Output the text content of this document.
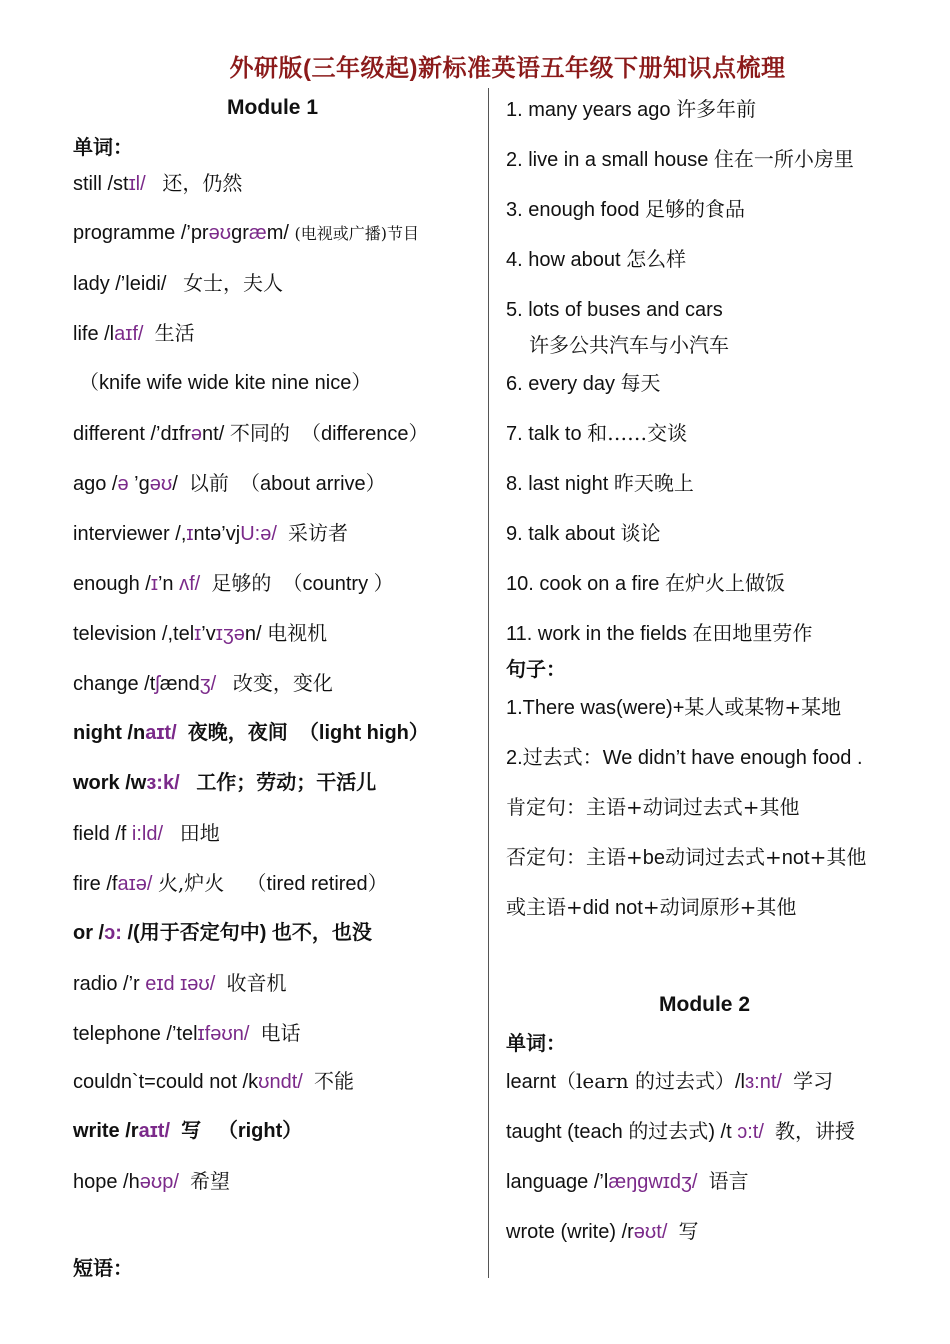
外研版(三年级起)新标准英语五年级下册知识点梳理
Module 1
单词：
still /stɪl/ 还，仍然
programme /’prəʊgræm/ (电视或广播)节目
lady /’leidi/ 女士，夫人
life /laɪf/ 生活
（knife wife wide kite nine nice）
different /’dɪfrənt/ 不同的 （difference）
ago /ə ’gəʊ/ 以前 （about arrive）
interviewer /,ɪntə’vjU:ə/ 采访者
enough /ɪ’n ʌf/ 足够的 （country ）
television /,telɪ’vɪʒən/ 电视机
change /tʃændʒ/ 改变，变化
night /naɪt/ 夜晚，夜间 （light high）
work /wɜ:k/ 工作；劳动；干活儿
field /f i:ld/ 田地
fire /faɪə/ 火,炉火 （tired retired）
or /ɔ: /(用于否定句中) 也不，也没
radio /’r eɪd ɪəʊ/ 收音机
telephone /’telɪfəʊn/ 电话
couldn`t=could not /kʊndt/ 不能
write /raɪt/ 写 （right）
hope /həʊp/ 希望
短语：
1. many years ago 许多年前
2. live in a small house 住在一所小房里
3. enough food 足够的食品
4. how about 怎么样
5. lots of buses and cars
许多公共汽车与小汽车
6. every day 每天
7. talk to 和……交谈
8. last night 昨天晚上
9. talk about 谈论
10. cook on a fire 在炉火上做饭
11. work in the fields 在田地里劳作
句子：
1.There was(were)+某人或某物+某地
2.过去式：We didn’t have enough food .
肯定句：主语+动词过去式+其他
否定句：主语+be动词过去式+not+其他
或主语+did not+动词原形+其他
Module 2
单词：
learnt（learn 的过去式）/lɜ:nt/ 学习
taught (teach 的过去式) /t ɔ:t/ 教，讲授
language /’læŋgwɪdʒ/ 语言
wrote (write) /rəʊt/ 写
